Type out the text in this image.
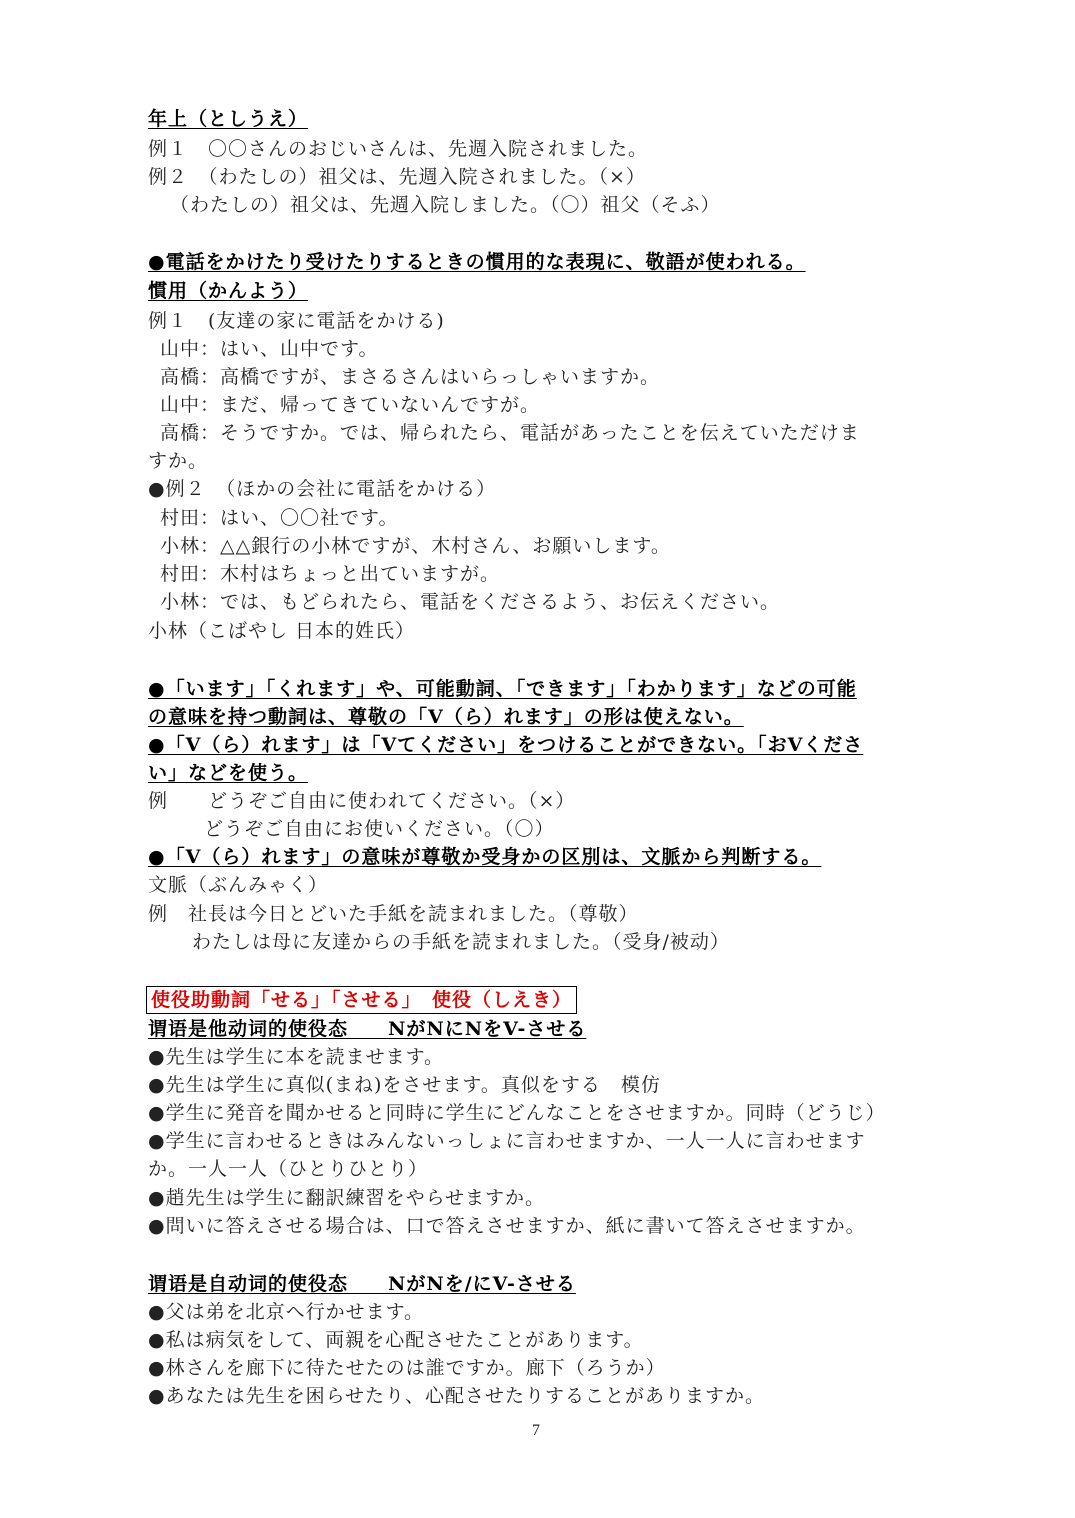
年上（としうえ）
例１　〇〇さんのおじいさんは、先週入院されました。
例２　（わたしの）祖父は、先週入院されました。（×）
（わたしの）祖父は、先週入院しました。（〇）祖父（そふ）
●電話をかけたり受けたりするときの慣用的な表現に、敬語が使われる。
慣用（かんよう）
例１　(友達の家に電話をかける)
山中：はい、山中です。
高橋：高橋ですが、まさるさんはいらっしゃいますか。
山中：まだ、帰ってきていないんですが。
高橋：そうですか。では、帰られたら、電話があったことを伝えていただけま
すか。
●例２　（ほかの会社に電話をかける）
村田：はい、〇〇社です。
小林：△△銀行の小林ですが、木村さん、お願いします。
村田：木村はちょっと出ていますが。
小林：では、もどられたら、電話をくださるよう、お伝えください。
小林（こばやし 日本的姓氏）
●「います」「くれます」や、可能動詞、「できます」「わかります」などの可能
の意味を持つ動詞は、尊敬の「V（ら）れます」の形は使えない。
●「V（ら）れます」は「Vてください」をつけることができない。「おVくださ
い」などを使う。
例　　どうぞご自由に使われてください。（×）
どうぞご自由にお使いください。（〇）
●「V（ら）れます」の意味が尊敬か受身かの区別は、文脈から判断する。
文脈（ぶんみゃく）
例　社長は今日とどいた手紙を読まれました。（尊敬）
わたしは母に友達からの手紙を読まれました。（受身/被动）
使役助動詞「せる」「させる」　使役（しえき）
谓语是他动词的使役态　　NがNにNをV-させる
●先生は学生に本を読ませます。
●先生は学生に真似(まね)をさせます。真似をする　模仿
●学生に発音を聞かせると同時に学生にどんなことをさせますか。同時（どうじ）
●学生に言わせるときはみんないっしょに言わせますか、一人一人に言わせます
か。一人一人（ひとりひとり）
●趙先生は学生に翻訳練習をやらせますか。
●問いに答えさせる場合は、口で答えさせますか、紙に書いて答えさせますか。
谓语是自动词的使役态　　NがNを/にV-させる
●父は弟を北京へ行かせます。
●私は病気をして、両親を心配させたことがあります。
●林さんを廊下に待たせたのは誰ですか。廊下（ろうか）
●あなたは先生を困らせたり、心配させたりすることがありますか。
7
